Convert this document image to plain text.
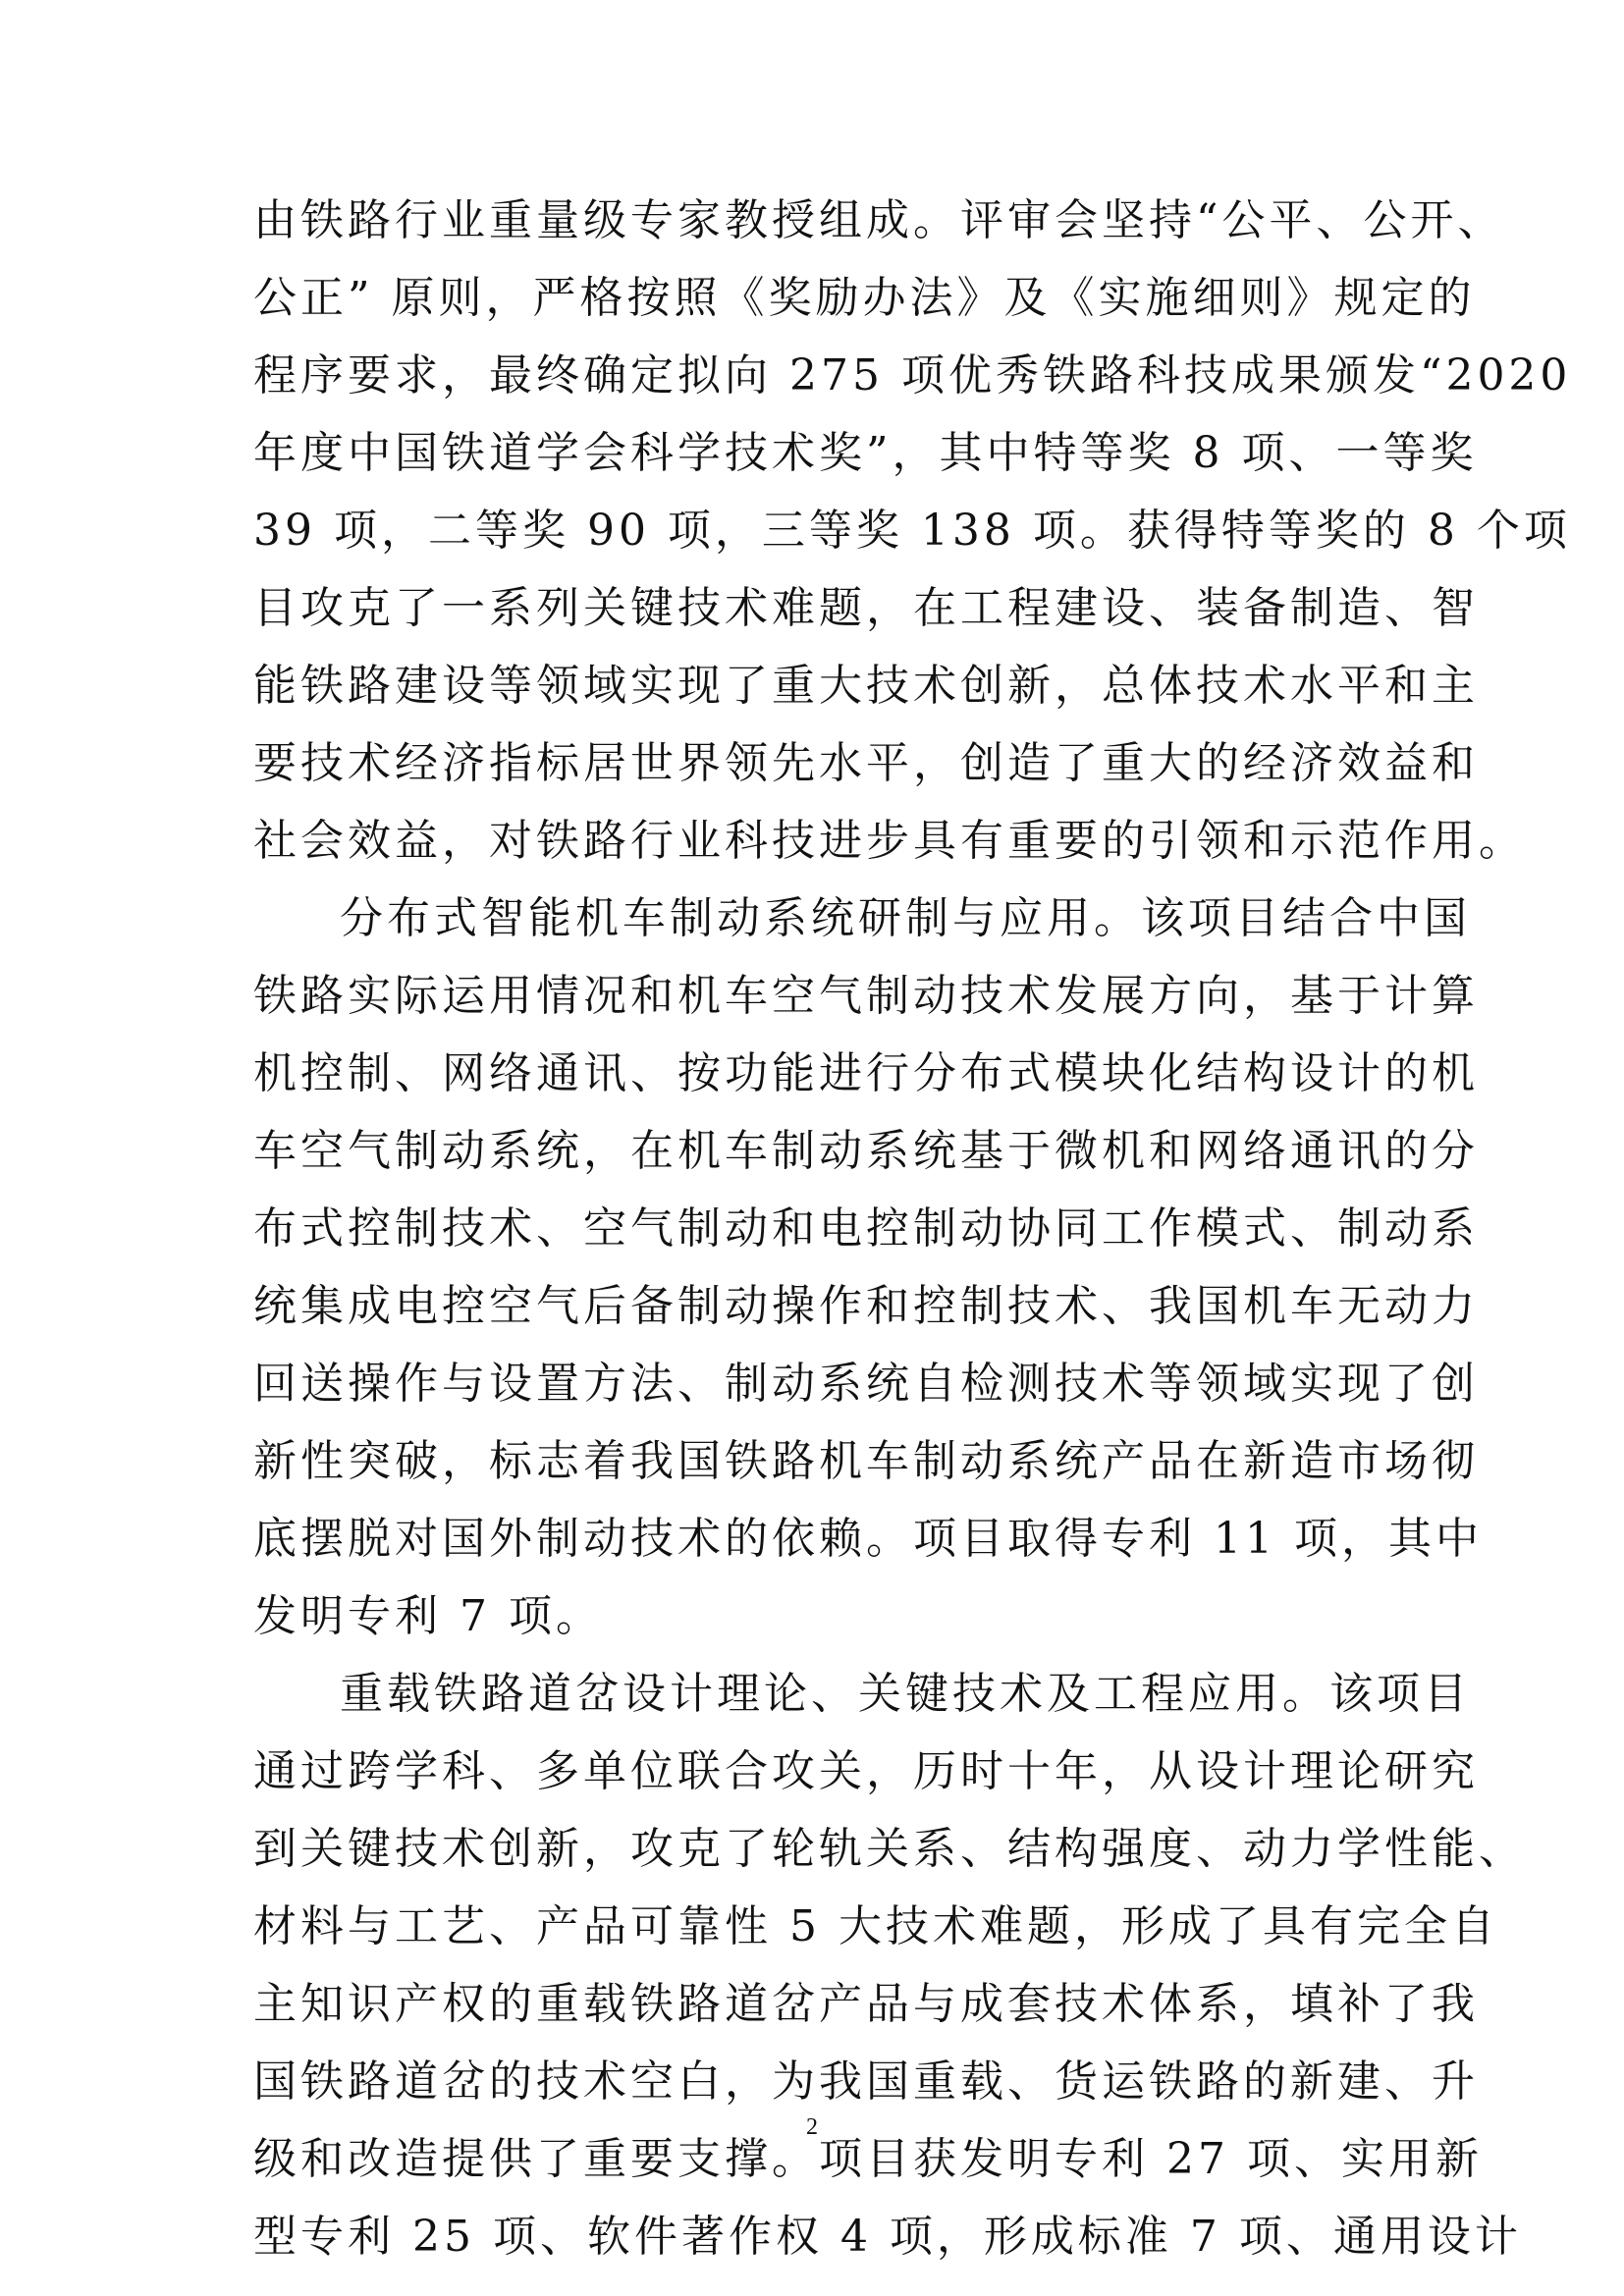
由铁路行业重量级专家教授组成。评审会坚持“公平、公开、
公正” 原则，严格按照《奖励办法》及《实施细则》规定的
程序要求，最终确定拟向 275 项优秀铁路科技成果颁发“2020
年度中国铁道学会科学技术奖”，其中特等奖 8 项、一等奖
39 项，二等奖 90 项，三等奖 138 项。获得特等奖的 8 个项
目攻克了一系列关键技术难题，在工程建设、装备制造、智
能铁路建设等领域实现了重大技术创新，总体技术水平和主
要技术经济指标居世界领先水平，创造了重大的经济效益和
社会效益，对铁路行业科技进步具有重要的引领和示范作用。
分布式智能机车制动系统研制与应用。该项目结合中国
铁路实际运用情况和机车空气制动技术发展方向，基于计算
机控制、网络通讯、按功能进行分布式模块化结构设计的机
车空气制动系统，在机车制动系统基于微机和网络通讯的分
布式控制技术、空气制动和电控制动协同工作模式、制动系
统集成电控空气后备制动操作和控制技术、我国机车无动力
回送操作与设置方法、制动系统自检测技术等领域实现了创
新性突破，标志着我国铁路机车制动系统产品在新造市场彻
底摆脱对国外制动技术的依赖。项目取得专利 11 项，其中
发明专利 7 项。
重载铁路道岔设计理论、关键技术及工程应用。该项目
通过跨学科、多单位联合攻关，历时十年，从设计理论研究
到关键技术创新，攻克了轮轨关系、结构强度、动力学性能、
材料与工艺、产品可靠性 5 大技术难题，形成了具有完全自
主知识产权的重载铁路道岔产品与成套技术体系，填补了我
国铁路道岔的技术空白，为我国重载、货运铁路的新建、升
级和改造提供了重要支撑。项目获发明专利 27 项、实用新
型专利 25 项、软件著作权 4 项，形成标准 7 项、通用设计
2
